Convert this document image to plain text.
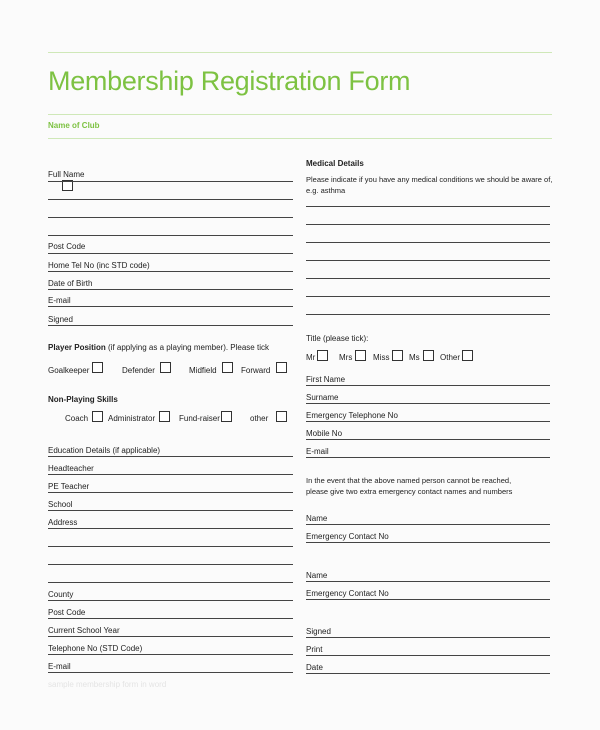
Membership Registration Form
Name of Club
Full Name
Post Code
Home Tel No (inc STD code)
Date of Birth
E-mail
Signed
Player Position (if applying as a playing member). Please tick
Goalkeeper	Defender	Midfield	Forward
Non-Playing Skills
Coach Administrator	Fund-raiser	other
Education Details (if applicable)
Headteacher
PE Teacher
School
Address
County
Post Code
Current School Year
Telephone No (STD Code)
E-mail
sample membership form in word
Medical Details
Please indicate if you have any medical conditions we should be aware of,
e.g. asthma
Title (please tick):
Mr	Mrs	Miss Ms	Other
First Name
Surname
Emergency Telephone No
Mobile No
E-mail
In the event that the above named person cannot be reached,
please give two extra emergency contact names and numbers
Name
Emergency Contact No
Name
Emergency Contact No
Signed
Print
Date
